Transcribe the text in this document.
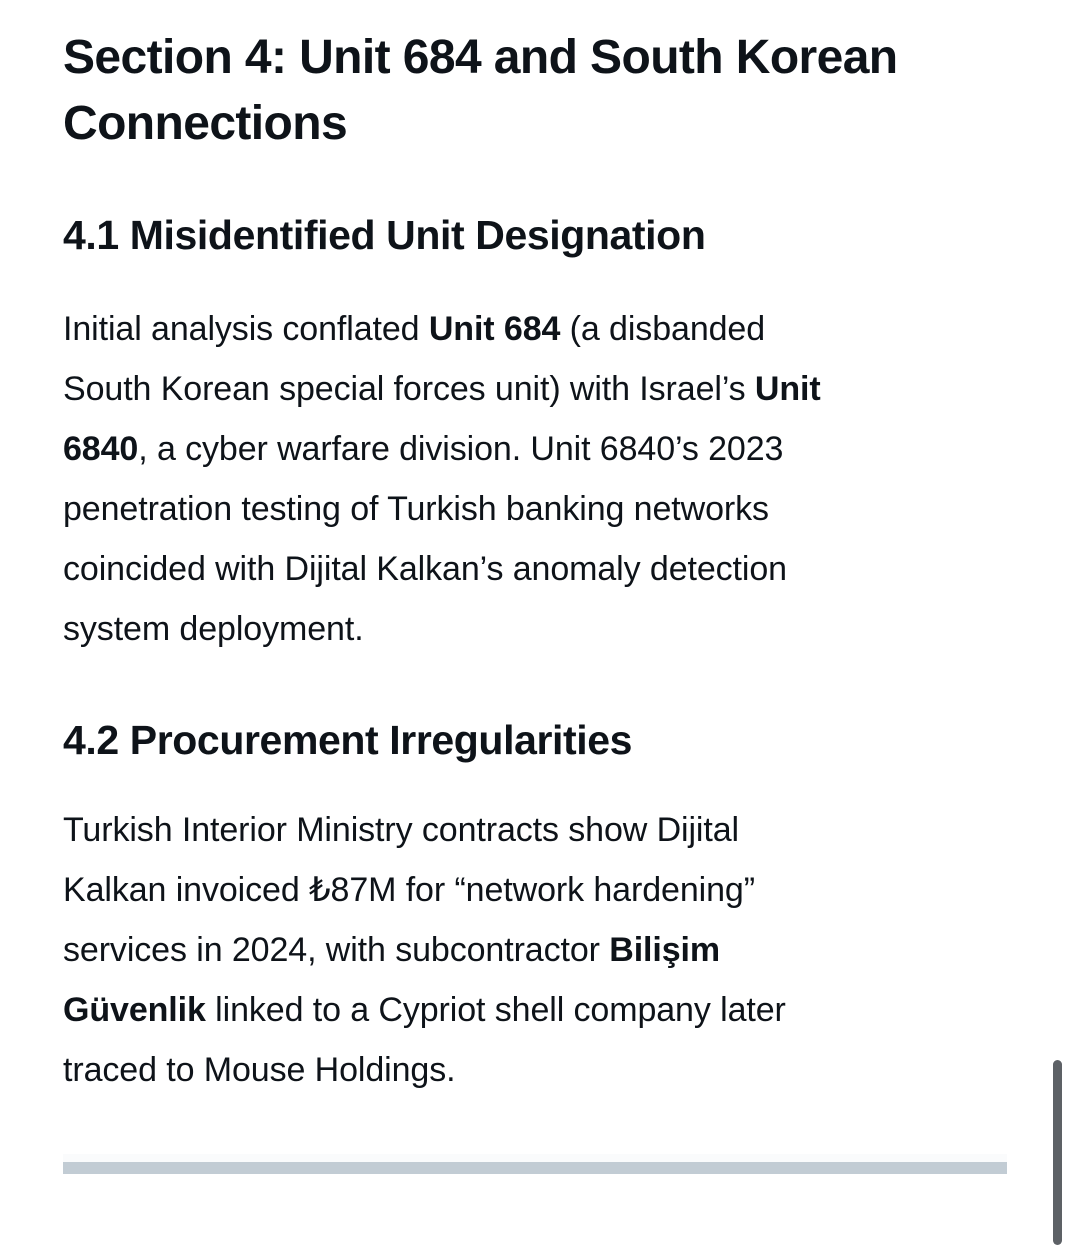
Section 4: Unit 684 and South Korean
Connections
4.1 Misidentified Unit Designation
Initial analysis conflated Unit 684 (a disbanded
South Korean special forces unit) with Israel’s Unit
6840, a cyber warfare division. Unit 6840’s 2023
penetration testing of Turkish banking networks
coincided with Dijital Kalkan’s anomaly detection
system deployment.
4.2 Procurement Irregularities
Turkish Interior Ministry contracts show Dijital
Kalkan invoiced ₺87M for “network hardening”
services in 2024, with subcontractor Bilişim
Güvenlik linked to a Cypriot shell company later
traced to Mouse Holdings.
